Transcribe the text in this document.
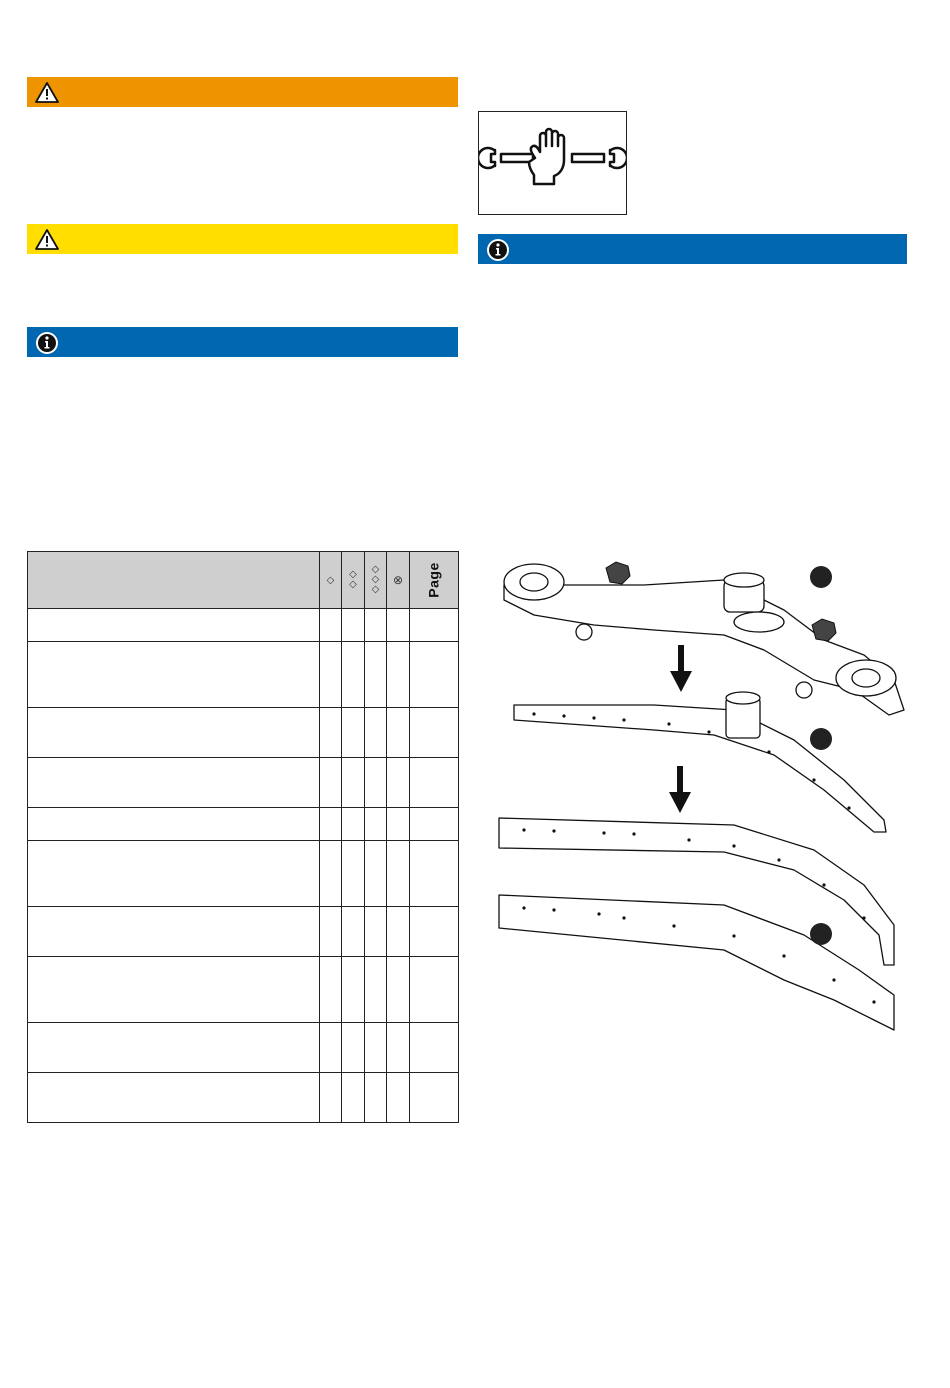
	◇	◇ ◇	◇ ◇ ◇	⊗	Page
